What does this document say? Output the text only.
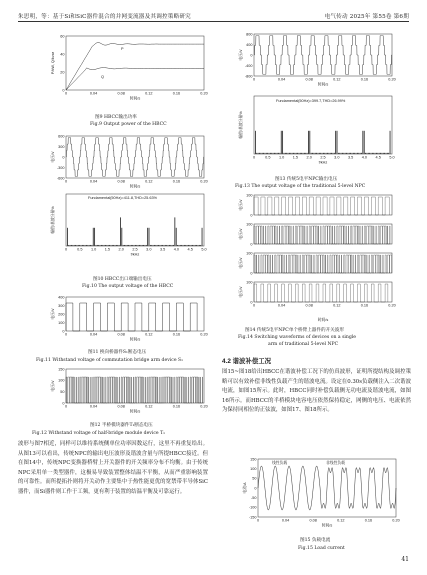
朱思明，等：基于Si和SiC器件混合的并网变流器及其调控策略研究	电气传动 2025年 第55卷 第6期
0	0.04	0.08	0.12	0.16	0.20
60
40
20
0
时间/s
P/kW, Q/kvar
P
Q
图9 HBCC输出功率
Fig.9 Output power of the HBCC
0	0.04	0.08	0.12	0.16	0.20
600
300
0
-300
-600
时间/s
电压/V
0	0.5 1.0 1.5 2.0 2.5 3.0 3.5 4.0 4.5 5.0
f/kHz
幅值/基波分量%
Fundamental(50Hz)=411.8,THD=25.63%
图10 HBCC出口端输出电压
Fig.10 The output voltage of the HBCC
0	0.04	0.08	0.12	0.16	0.20
400
300
200
100
0
时间/s
电压/V
图11 换向桥器件S₁断态电压
Fig.11 Withstand voltage of commutation bridge arm device S₁
0	0.04	0.08	0.12	0.16	0.20
150
100
50
0
时间/s
电压/V
图12 半桥模块器件T₁断态电压
Fig.12 Withstand voltage of half-bridge module device T₁
波形与图7相近，同样可以维持系统侧单位功率因数运行，这里不再重复给出。从图13可以看出，传统NPC的输出电压波形及谐波含量与所提HBCC接近。但在图14中，传统NPC变换器桥臂上开关器件的开关频率分布不均衡。由于传统NPC采用单一类型器件，这极易导致装置整体结温不平衡，从而严重影响装置的可靠性。而所提拓扑则将开关动作主要集中于热性能更优的宽禁带半导体SiC器件，而Si器件则工作于工频，更有利于装置的结温平衡及可靠运行。
0	0.04	0.08	0.12	0.16	0.20
800
400
0
-400
-800
时间/s
电压/V
0	0.5 1.0 1.5 2.0 2.5 3.0 3.5 4.0 4.5 5.0
f/kHz
幅值/基波分量%
Fundamental(50Hz)=399.7,THD=26.99%
图13 传统5电平NPC输出电压
Fig.13 The output voltage of the traditional 5-level NPC
100
0
电压/V
100
0
电压/V
100
0
电压/V
0	0.04	0.08	0.12	0.16	0.20
100
0
电压/V
时间/s
图14 传统5电平NPC单个桥臂上器件的开关波形
Fig.14 Switching waveforms of devices on a single
arm of traditional 5-level NPC
4.2 谐波补偿工况
图15~图18给出HBCC在谐波补偿工况下的仿真波形，证明所提结构及调控策略可以有效补偿非线性负载产生的谐波电流。设定在0.30s负载侧注入二次谐波电流，如图15所示。此时，HBCC同时补偿负载侧无功电流及谐波电流，如图16所示。而HBCC的半桥模块电容电压依然保持稳定，网侧的电压、电流依然为保持同相位的正弦波，如图17、图18所示。
0	0.04	0.08	0.12	0.16	0.20
150
100
50
0
-50
-100
-150
时间/s
电流/A
线性负载	非线性负载
图15 负载电流
Fig.15 Load current
41
